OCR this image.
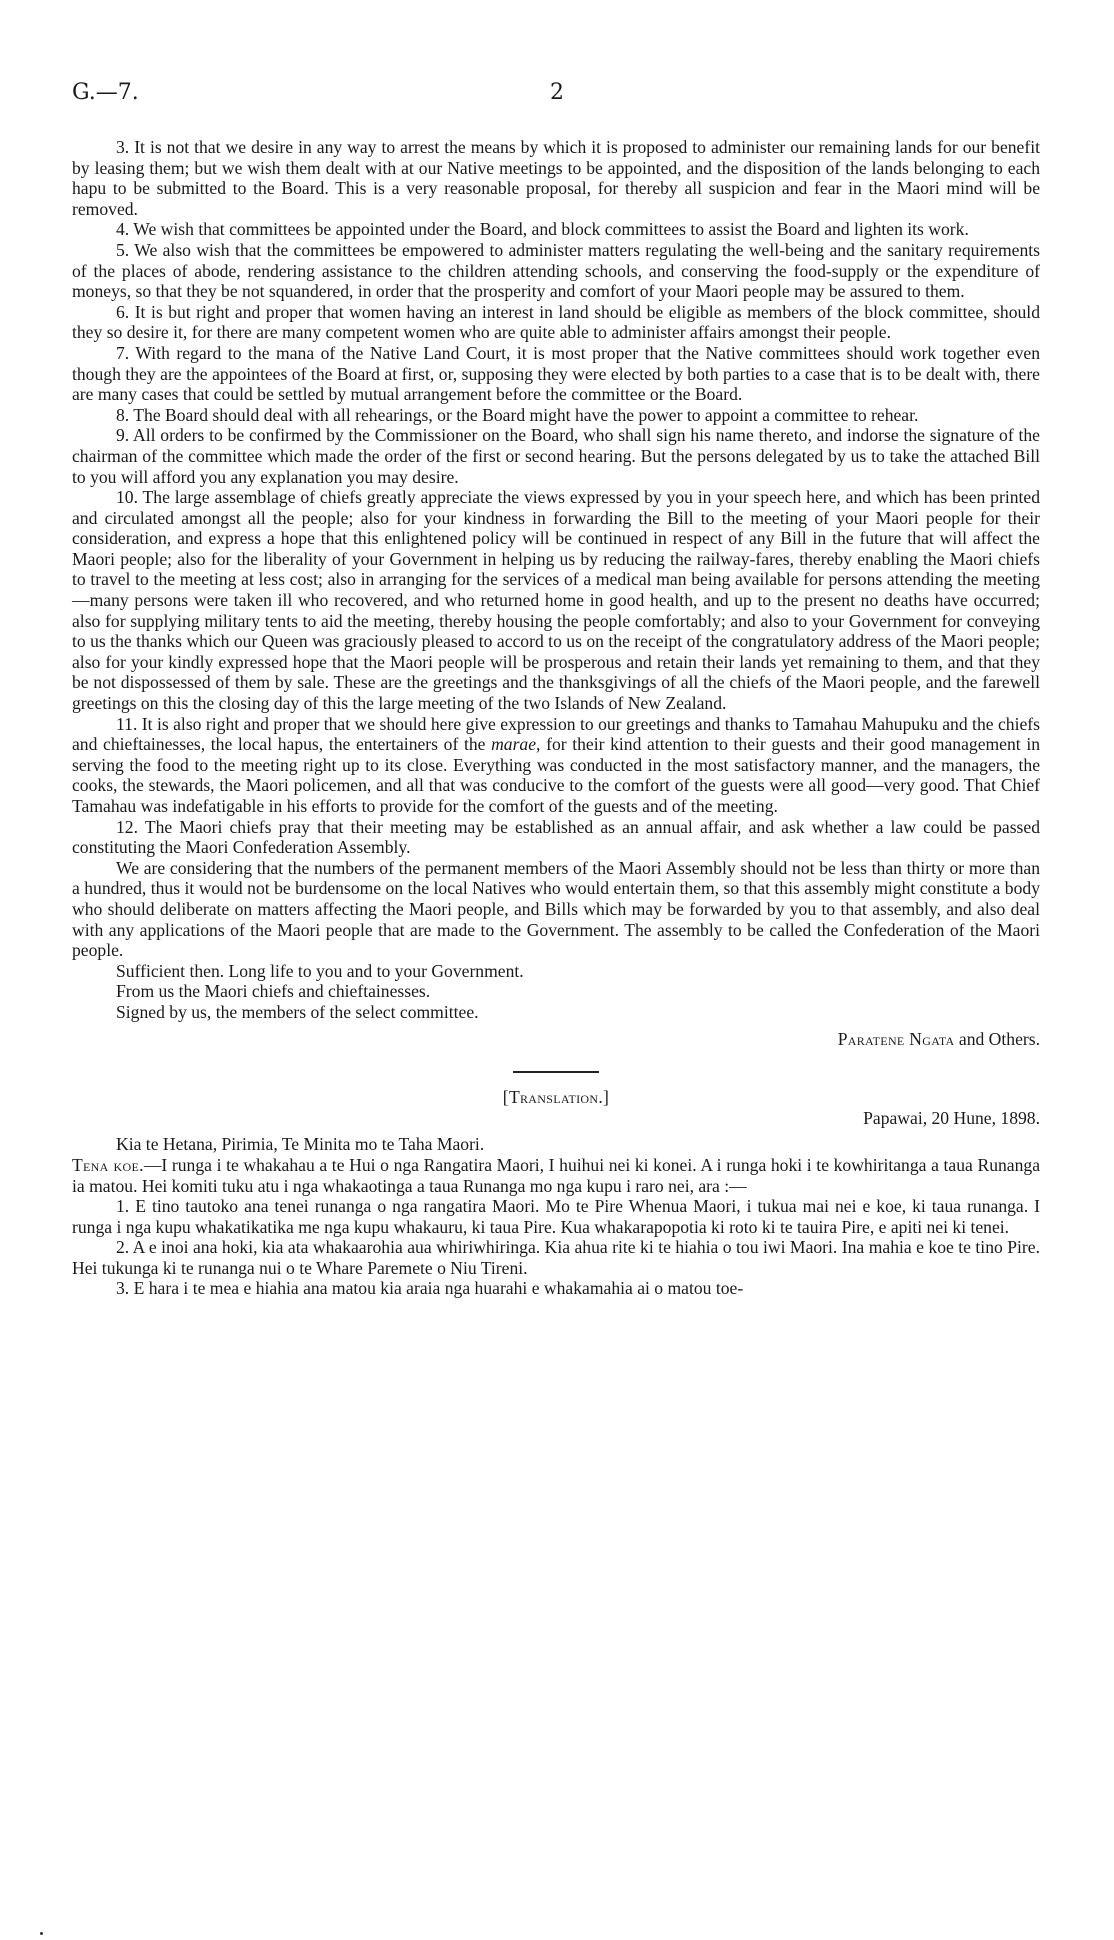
G.—7.	2

3. It is not that we desire in any way to arrest the means by which it is proposed to administer our remaining lands for our benefit by leasing them; but we wish them dealt with at our Native meetings to be appointed, and the disposition of the lands belonging to each hapu to be submitted to the Board. This is a very reasonable proposal, for thereby all suspicion and fear in the Maori mind will be removed.

4. We wish that committees be appointed under the Board, and block committees to assist the Board and lighten its work.

5. We also wish that the committees be empowered to administer matters regulating the well-being and the sanitary requirements of the places of abode, rendering assistance to the children attending schools, and conserving the food-supply or the expenditure of moneys, so that they be not squandered, in order that the prosperity and comfort of your Maori people may be assured to them.

6. It is but right and proper that women having an interest in land should be eligible as members of the block committee, should they so desire it, for there are many competent women who are quite able to administer affairs amongst their people.

7. With regard to the mana of the Native Land Court, it is most proper that the Native committees should work together even though they are the appointees of the Board at first, or, supposing they were elected by both parties to a case that is to be dealt with, there are many cases that could be settled by mutual arrangement before the committee or the Board.

8. The Board should deal with all rehearings, or the Board might have the power to appoint a committee to rehear.

9. All orders to be confirmed by the Commissioner on the Board, who shall sign his name thereto, and indorse the signature of the chairman of the committee which made the order of the first or second hearing. But the persons delegated by us to take the attached Bill to you will afford you any explanation you may desire.

10. The large assemblage of chiefs greatly appreciate the views expressed by you in your speech here, and which has been printed and circulated amongst all the people; also for your kindness in forwarding the Bill to the meeting of your Maori people for their consideration, and express a hope that this enlightened policy will be continued in respect of any Bill in the future that will affect the Maori people; also for the liberality of your Government in helping us by reducing the railway-fares, thereby enabling the Maori chiefs to travel to the meeting at less cost; also in arranging for the services of a medical man being available for persons attending the meeting—many persons were taken ill who recovered, and who returned home in good health, and up to the present no deaths have occurred; also for supplying military tents to aid the meeting, thereby housing the people comfortably; and also to your Government for conveying to us the thanks which our Queen was graciously pleased to accord to us on the receipt of the congratulatory address of the Maori people; also for your kindly expressed hope that the Maori people will be prosperous and retain their lands yet remaining to them, and that they be not dispossessed of them by sale. These are the greetings and the thanksgivings of all the chiefs of the Maori people, and the farewell greetings on this the closing day of this the large meeting of the two Islands of New Zealand.

11. It is also right and proper that we should here give expression to our greetings and thanks to Tamahau Mahupuku and the chiefs and chieftainesses, the local hapus, the entertainers of the marae, for their kind attention to their guests and their good management in serving the food to the meeting right up to its close. Everything was conducted in the most satisfactory manner, and the managers, the cooks, the stewards, the Maori policemen, and all that was conducive to the comfort of the guests were all good—very good. That Chief Tamahau was indefatigable in his efforts to provide for the comfort of the guests and of the meeting.

12. The Maori chiefs pray that their meeting may be established as an annual affair, and ask whether a law could be passed constituting the Maori Confederation Assembly.

We are considering that the numbers of the permanent members of the Maori Assembly should not be less than thirty or more than a hundred, thus it would not be burdensome on the local Natives who would entertain them, so that this assembly might constitute a body who should deliberate on matters affecting the Maori people, and Bills which may be forwarded by you to that assembly, and also deal with any applications of the Maori people that are made to the Government. The assembly to be called the Confederation of the Maori people.

Sufficient then. Long life to you and to your Government.

From us the Maori chiefs and chieftainesses.

Signed by us, the members of the select committee.

Paratene Ngata and Others.

[Translation.]

Papawai, 20 Hune, 1898.

Kia te Hetana, Pirimia, Te Minita mo te Taha Maori.

Tena koe.—I runga i te whakahau a te Hui o nga Rangatira Maori, I huihui nei ki konei. A i runga hoki i te kowhiritanga a taua Runanga ia matou. Hei komiti tuku atu i nga whakaotinga a taua Runanga mo nga kupu i raro nei, ara :—

1. E tino tautoko ana tenei runanga o nga rangatira Maori. Mo te Pire Whenua Maori, i tukua mai nei e koe, ki taua runanga. I runga i nga kupu whakatikatika me nga kupu whakauru, ki taua Pire. Kua whakarapopotia ki roto ki te tauira Pire, e apiti nei ki tenei.

2. A e inoi ana hoki, kia ata whakaarohia aua whiriwhiringa. Kia ahua rite ki te hiahia o tou iwi Maori. Ina mahia e koe te tino Pire. Hei tukunga ki te runanga nui o te Whare Paremete o Niu Tireni.

3. E hara i te mea e hiahia ana matou kia araia nga huarahi e whakamahia ai o matou toe-
